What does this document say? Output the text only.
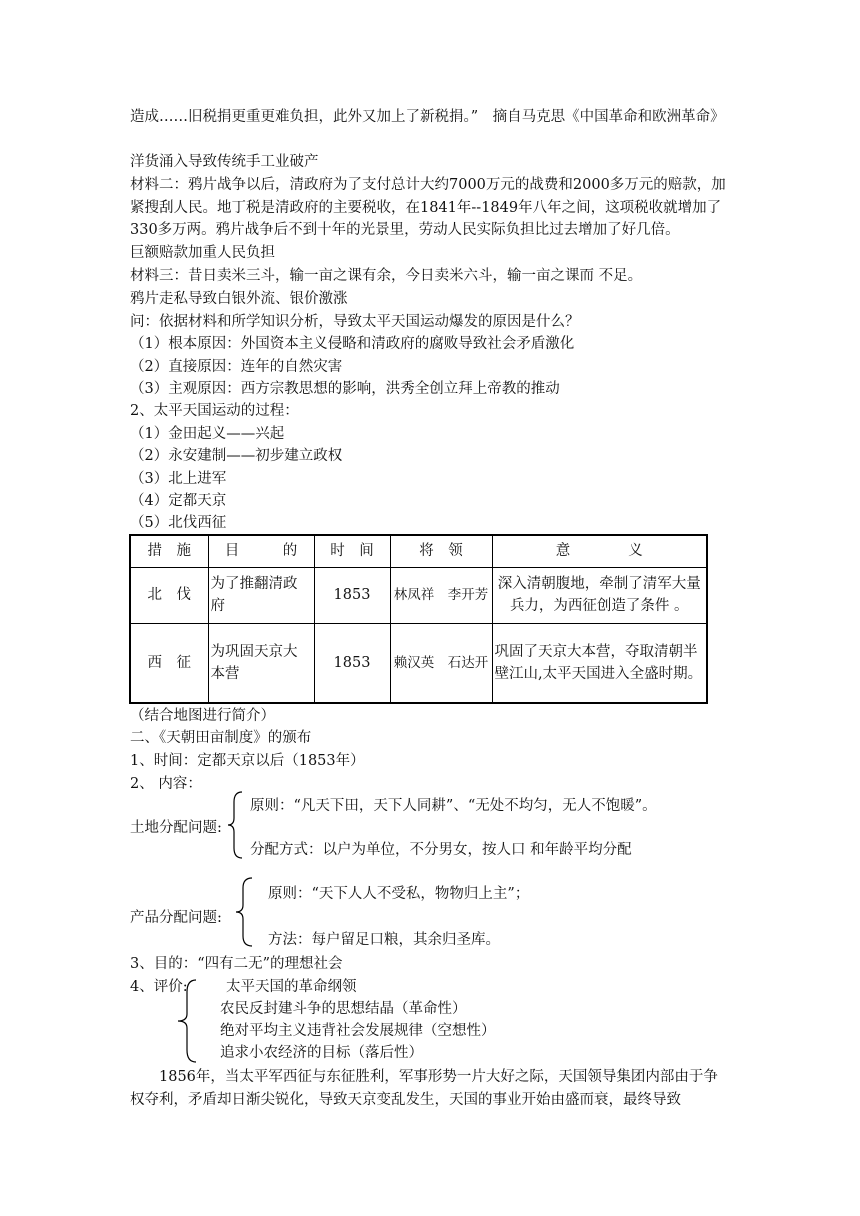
造成……旧税捐更重更难负担，此外又加上了新税捐。”　摘自马克思《中国革命和欧洲革命》
洋货涌入导致传统手工业破产
材料二：鸦片战争以后，清政府为了支付总计大约7000万元的战费和2000多万元的赔款，加紧搜刮人民。地丁税是清政府的主要税收，在1841年--1849年八年之间，这项税收就增加了330多万两。鸦片战争后不到十年的光景里，劳动人民实际负担比过去增加了好几倍。
巨额赔款加重人民负担
材料三：昔日卖米三斗，输一亩之课有余，今日卖米六斗，输一亩之课而 不足。
鸦片走私导致白银外流、银价激涨
问：依据材料和所学知识分析，导致太平天国运动爆发的原因是什么？
（1）根本原因：外国资本主义侵略和清政府的腐败导致社会矛盾激化
（2）直接原因：连年的自然灾害
（3）主观原因：西方宗教思想的影响，洪秀全创立拜上帝教的推动
2、太平天国运动的过程：
（1）金田起义——兴起
（2）永安建制——初步建立政权
（3）北上进军
（4）定都天京
（5）北伐西征
措　施	目　　　的	时　间	将　领	意　　　　义
北　伐	为了推翻清政府	1853	林凤祥　李开芳	深入清朝腹地，牵制了清军大量兵力，为西征创造了条件 。
西　征	为巩固天京大本营	1853	赖汉英　石达开	巩固了天京大本营，夺取清朝半壁江山,太平天国进入全盛时期。
（结合地图进行简介）
二、《天朝田亩制度》的颁布
1、时间：定都天京以后（1853年）
2、 内容：
土地分配问题:
原则：“凡天下田，天下人同耕”、“无处不均匀，无人不饱暖”。
分配方式：以户为单位，不分男女，按人口 和年龄平均分配
产品分配问题:
原则：“天下人人不受私，物物归上主”；
方法：每户留足口粮，其余归圣库。
3、目的：“四有二无”的理想社会
4、评价:	太平天国的革命纲领
农民反封建斗争的思想结晶（革命性）
绝对平均主义违背社会发展规律（空想性）
追求小农经济的目标（落后性）
1856年，当太平军西征与东征胜利，军事形势一片大好之际，天国领导集团内部由于争权夺利，矛盾却日渐尖锐化，导致天京变乱发生，天国的事业开始由盛而衰，最终导致
